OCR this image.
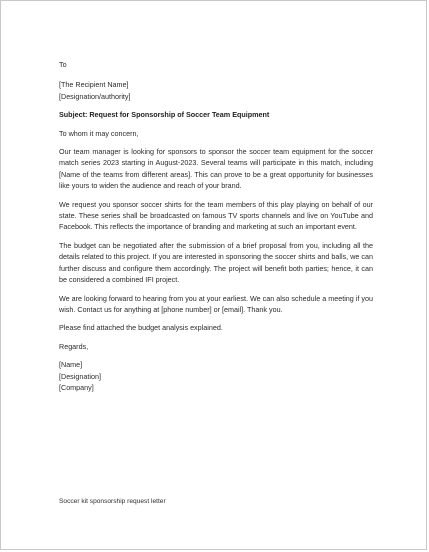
To
[The Recipient Name]
[Designation/authority]
Subject: Request for Sponsorship of Soccer Team Equipment
To whom it may concern,

Our team manager is looking for sponsors to sponsor the soccer team equipment for the soccer match series 2023 starting in August-2023. Several teams will participate in this match, including [Name of the teams from different areas]. This can prove to be a great opportunity for businesses like yours to widen the audience and reach of your brand.

We request you sponsor soccer shirts for the team members of this play playing on behalf of our state. These series shall be broadcasted on famous TV sports channels and live on YouTube and Facebook. This reflects the importance of branding and marketing at such an important event.

The budget can be negotiated after the submission of a brief proposal from you, including all the details related to this project. If you are interested in sponsoring the soccer shirts and balls, we can further discuss and configure them accordingly. The project will benefit both parties; hence, it can be considered a combined IFI project.

We are looking forward to hearing from you at your earliest. We can also schedule a meeting if you wish. Contact us for anything at [phone number] or [email]. Thank you.

Please find attached the budget analysis explained.

Regards,
[Name]
[Designation]
[Company]
Soccer kit sponsorship request letter
